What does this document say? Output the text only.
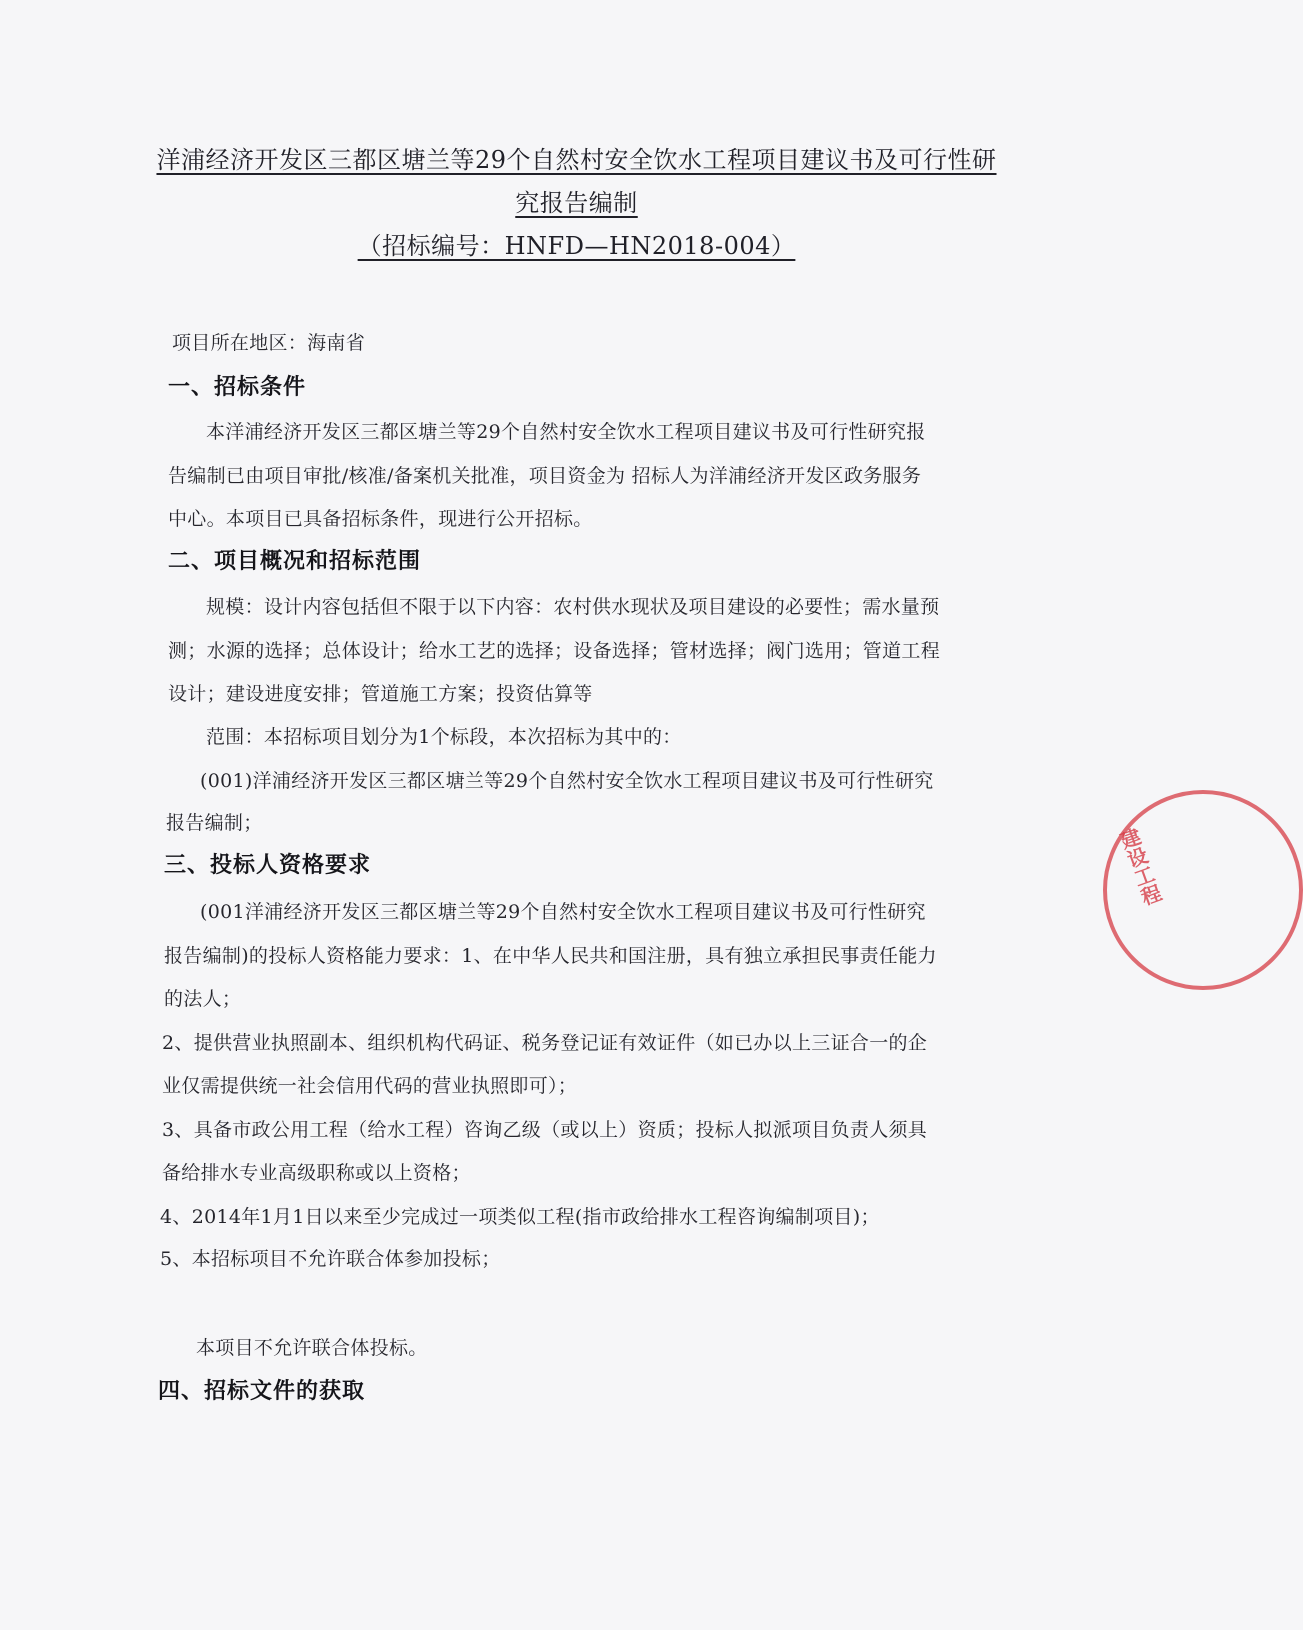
洋浦经济开发区三都区塘兰等29个自然村安全饮水工程项目建议书及可行性研
究报告编制
（招标编号：HNFD—HN2018-004）
项目所在地区：海南省
一、招标条件
本洋浦经济开发区三都区塘兰等29个自然村安全饮水工程项目建议书及可行性研究报
告编制已由项目审批/核准/备案机关批准，项目资金为 招标人为洋浦经济开发区政务服务
中心。本项目已具备招标条件，现进行公开招标。
二、项目概况和招标范围
规模：设计内容包括但不限于以下内容：农村供水现状及项目建设的必要性；需水量预
测；水源的选择；总体设计；给水工艺的选择；设备选择；管材选择；阀门选用；管道工程
设计；建设进度安排；管道施工方案；投资估算等
范围：本招标项目划分为1个标段，本次招标为其中的：
(001)洋浦经济开发区三都区塘兰等29个自然村安全饮水工程项目建议书及可行性研究
报告编制；
三、投标人资格要求
(001洋浦经济开发区三都区塘兰等29个自然村安全饮水工程项目建议书及可行性研究
报告编制)的投标人资格能力要求：1、在中华人民共和国注册，具有独立承担民事责任能力
的法人；
2、提供营业执照副本、组织机构代码证、税务登记证有效证件（如已办以上三证合一的企
业仅需提供统一社会信用代码的营业执照即可）；
3、具备市政公用工程（给水工程）咨询乙级（或以上）资质；投标人拟派项目负责人须具
备给排水专业高级职称或以上资格；
4、2014年1月1日以来至少完成过一项类似工程(指市政给排水工程咨询编制项目)；
5、本招标项目不允许联合体参加投标；
本项目不允许联合体投标。
四、招标文件的获取
建设工程
